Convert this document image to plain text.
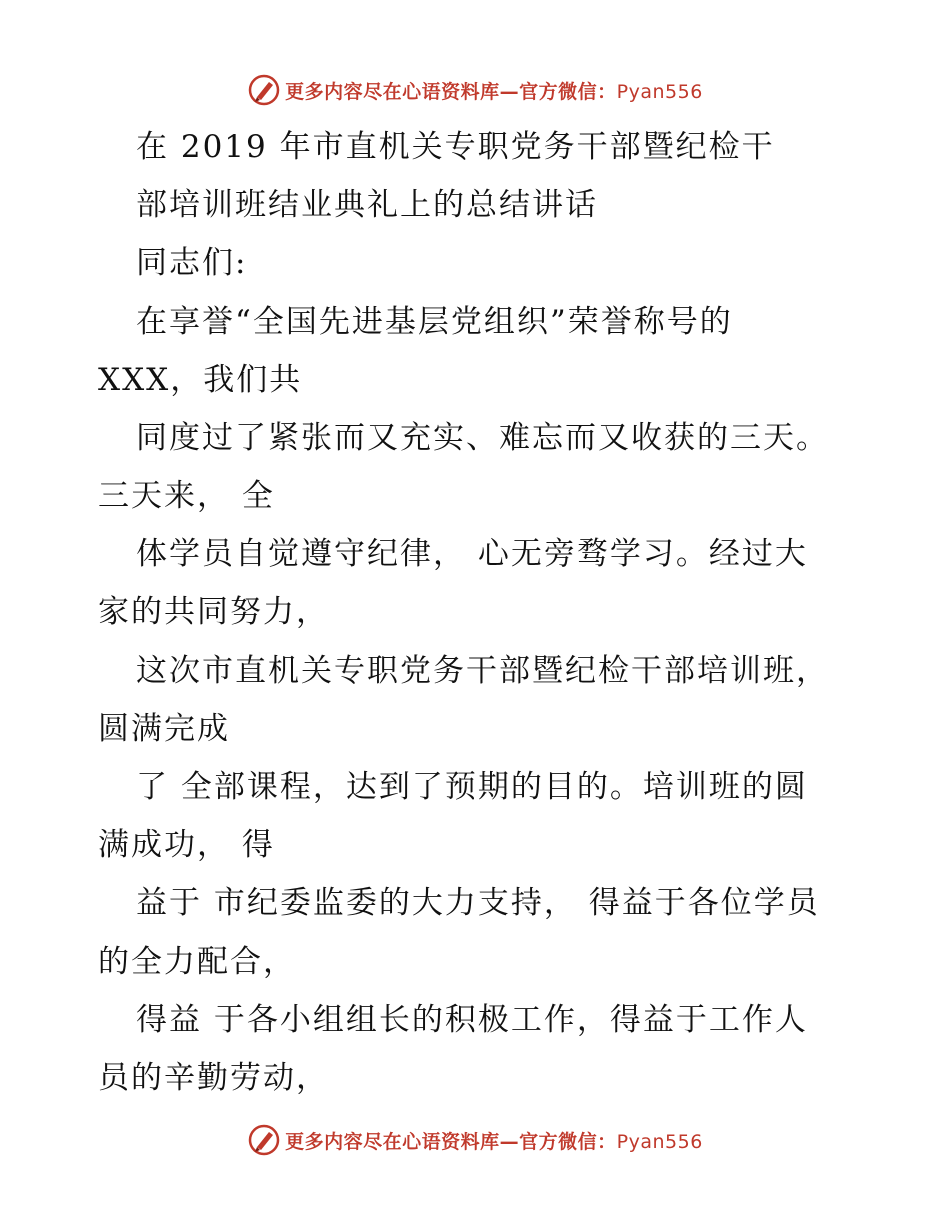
更多内容尽在心语资料库—官方微信：Pyan556
在 2019 年市直机关专职党务干部暨纪检干
部培训班结业典礼上的总结讲话
同志们:
在享誉“全国先进基层党组织”荣誉称号的
XXX，我们共
同度过了紧张而又充实、难忘而又收获的三天。
三天来， 全
体学员自觉遵守纪律， 心无旁骛学习。经过大
家的共同努力，
这次市直机关专职党务干部暨纪检干部培训班，
圆满完成
了 全部课程，达到了预期的目的。培训班的圆
满成功， 得
益于 市纪委监委的大力支持， 得益于各位学员
的全力配合，
得益 于各小组组长的积极工作，得益于工作人
员的辛勤劳动，
更多内容尽在心语资料库—官方微信：Pyan556
